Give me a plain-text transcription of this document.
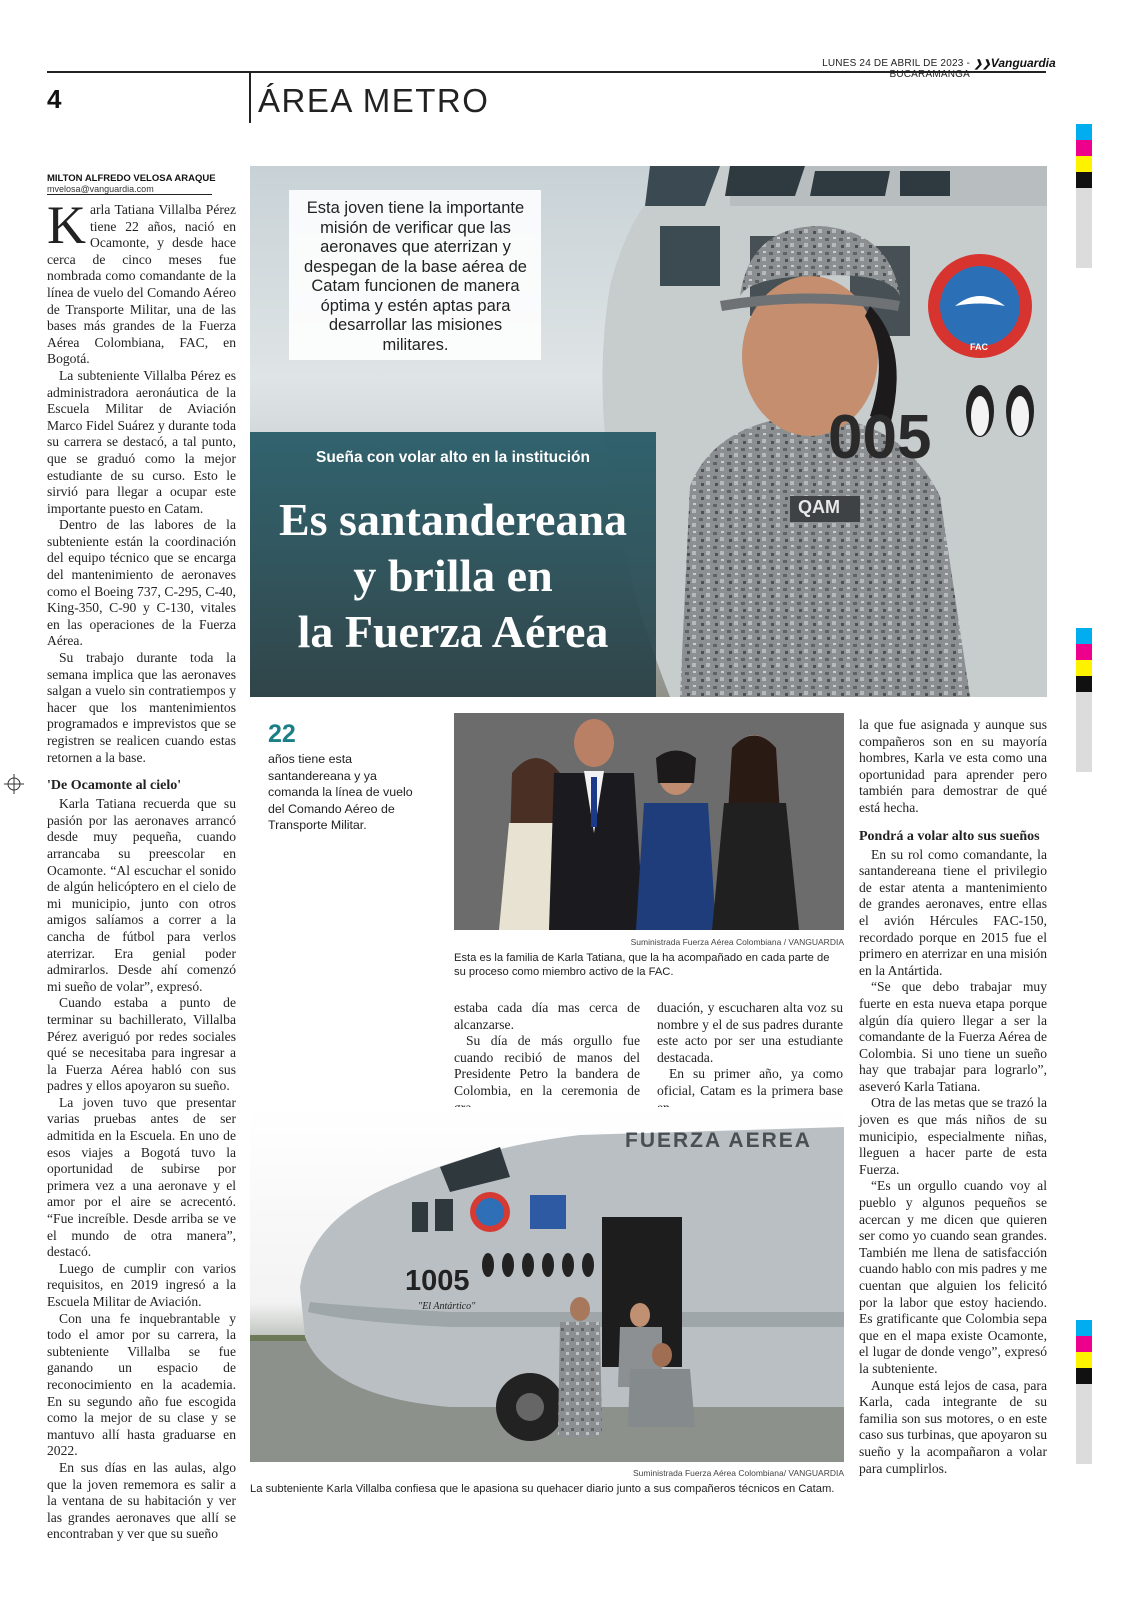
LUNES 24 DE ABRIL DE 2023 - BUCARAMANGA
❯❯Vanguardia
4	ÁREA METRO
MILTON ALFREDO VELOSA ARAQUE
mvelosa@vanguardia.com

Karla Tatiana Villalba Pérez tiene 22 años, nació en Ocamonte, y desde hace cerca de cinco meses fue nombrada como comandante de la línea de vuelo del Comando Aéreo de Transporte Militar, una de las bases más grandes de la Fuerza Aérea Colombiana, FAC, en Bogotá.

La subteniente Villalba Pérez es administradora aeronáutica de la Escuela Militar de Aviación Marco Fidel Suárez y durante toda su carrera se destacó, a tal punto, que se graduó como la mejor estudiante de su curso. Esto le sirvió para llegar a ocupar este importante puesto en Catam.

Dentro de las labores de la subteniente están la coordinación del equipo técnico que se encarga del mantenimiento de aeronaves como el Boeing 737, C-295, C-40, King-350, C-90 y C-130, vitales en las operaciones de la Fuerza Aérea.

Su trabajo durante toda la semana implica que las aeronaves salgan a vuelo sin contratiempos y hacer que los mantenimientos programados e imprevistos que se registren se realicen cuando estas retornen a la base.

'De Ocamonte al cielo'

Karla Tatiana recuerda que su pasión por las aeronaves arrancó desde muy pequeña, cuando arrancaba su preescolar en Ocamonte. “Al escuchar el sonido de algún helicóptero en el cielo de mi municipio, junto con otros amigos salíamos a correr a la cancha de fútbol para verlos aterrizar. Era genial poder admirarlos. Desde ahí comenzó mi sueño de volar”, expresó.

Cuando estaba a punto de terminar su bachillerato, Villalba Pérez averiguó por redes sociales qué se necesitaba para ingresar a la Fuerza Aérea habló con sus padres y ellos apoyaron su sueño.

La joven tuvo que presentar varias pruebas antes de ser admitida en la Escuela. En uno de esos viajes a Bogotá tuvo la oportunidad de subirse por primera vez a una aeronave y el amor por el aire se acrecentó. “Fue increíble. Desde arriba se ve el mundo de otra manera”, destacó.

Luego de cumplir con varios requisitos, en 2019 ingresó a la Escuela Militar de Aviación.

Con una fe inquebrantable y todo el amor por su carrera, la subteniente Villalba se fue ganando un espacio de reconocimiento en la academia. En su segundo año fue escogida como la mejor de su clase y se mantuvo allí hasta graduarse en 2022.

En sus días en las aulas, algo que la joven rememora es salir a la ventana de su habitación y ver las grandes aeronaves que allí se encontraban y ver que su sueño

005
QAM
FAC
Esta joven tiene la importante misión de verificar que las aeronaves que aterrizan y despegan de la base aérea de Catam funcionen de manera óptima y estén aptas para desarrollar las misiones militares.
Sueña con volar alto en la institución
Es santandereana
y brilla en
la Fuerza Aérea
22
años tiene esta santandereana y ya comanda la línea de vuelo del Comando Aéreo de Transporte Militar.
Suministrada Fuerza Aérea Colombiana / VANGUARDIA
Esta es la familia de Karla Tatiana, que la ha acompañado en cada parte de su proceso como miembro activo de la FAC.

estaba cada día mas cerca de alcanzarse.

Su día de más orgullo fue cuando recibió de manos del Presidente Petro la bandera de Colombia, en la ceremonia de

duación, y escucharen alta voz su nombre y el de sus padres durante este acto por ser una estudiante destacada.

En su primer año, ya como oficial, Catam es la primera base

FUERZA AEREA
1005
"El Antártico"
Suministrada Fuerza Aérea Colombiana/ VANGUARDIA
La subteniente Karla Villalba confiesa que le apasiona su quehacer diario junto a sus compañeros técnicos en Catam.

la que fue asignada y aunque sus compañeros son en su mayoría hombres, Karla ve esta como una oportunidad para aprender pero también para demostrar de qué está hecha.

Pondrá a volar alto sus sueños

En su rol como comandante, la santandereana tiene el privilegio de estar atenta a mantenimiento de grandes aeronaves, entre ellas el avión Hércules FAC-150, recordado porque en 2015 fue el primero en aterrizar en una misión en la Antártida.

“Se que debo trabajar muy fuerte en esta nueva etapa porque algún día quiero llegar a ser la comandante de la Fuerza Aérea de Colombia. Si uno tiene un sueño hay que trabajar para lograrlo”, aseveró Karla Tatiana.

Otra de las metas que se trazó la joven es que más niños de su municipio, especialmente niñas, lleguen a hacer parte de esta Fuerza.

“Es un orgullo cuando voy al pueblo y algunos pequeños se acercan y me dicen que quieren ser como yo cuando sean grandes. También me llena de satisfacción cuando hablo con mis padres y me cuentan que alguien los felicitó por la labor que estoy haciendo. Es gratificante que Colombia sepa que en el mapa existe Ocamonte, el lugar de donde vengo”, expresó la subteniente.

Aunque está lejos de casa, para Karla, cada integrante de su familia son sus motores, o en este caso sus turbinas, que apoyaron su sueño y la acompañaron a volar para cumplirlos.
